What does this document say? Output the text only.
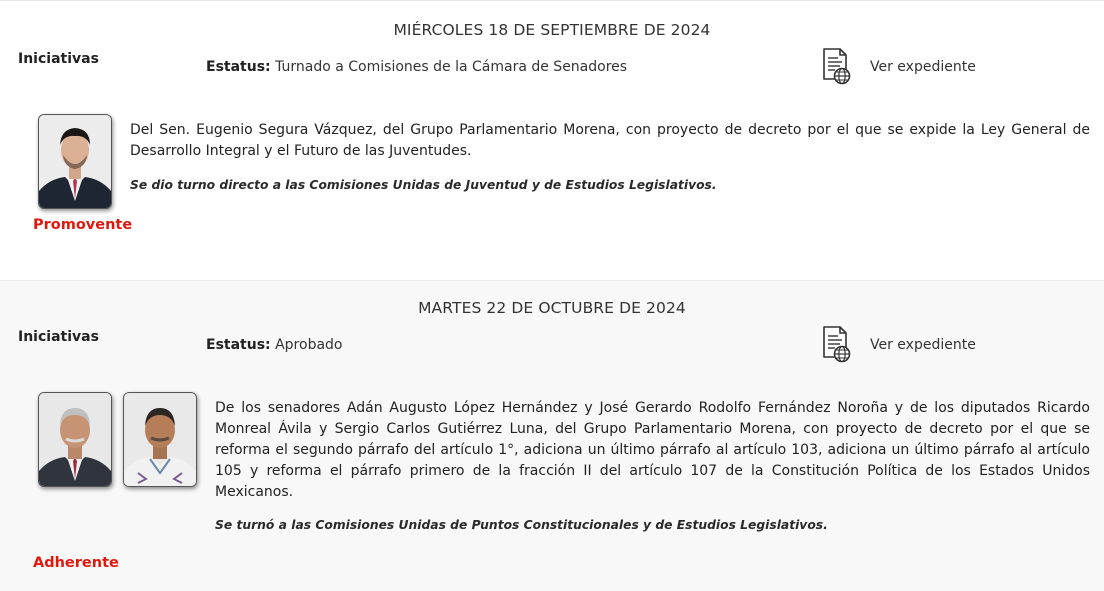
MIÉRCOLES 18 DE SEPTIEMBRE DE 2024
Iniciativas	Estatus: Turnado a Comisiones de la Cámara de Senadores	Ver expediente
Promovente

Del Sen. Eugenio Segura Vázquez, del Grupo Parlamentario Morena, con proyecto de decreto por el que se expide la Ley General de Desarrollo Integral y el Futuro de las Juventudes.

Se dio turno directo a las Comisiones Unidas de Juventud y de Estudios Legislativos.

MARTES 22 DE OCTUBRE DE 2024
Iniciativas	Estatus: Aprobado	Ver expediente
Adherente

De los senadores Adán Augusto López Hernández y José Gerardo Rodolfo Fernández Noroña y de los diputados Ricardo Monreal Ávila y Sergio Carlos Gutiérrez Luna, del Grupo Parlamentario Morena, con proyecto de decreto por el que se reforma el segundo párrafo del artículo 1°, adiciona un último párrafo al artículo 103, adiciona un último párrafo al artículo 105 y reforma el párrafo primero de la fracción II del artículo 107 de la Constitución Política de los Estados Unidos Mexicanos.

Se turnó a las Comisiones Unidas de Puntos Constitucionales y de Estudios Legislativos.
